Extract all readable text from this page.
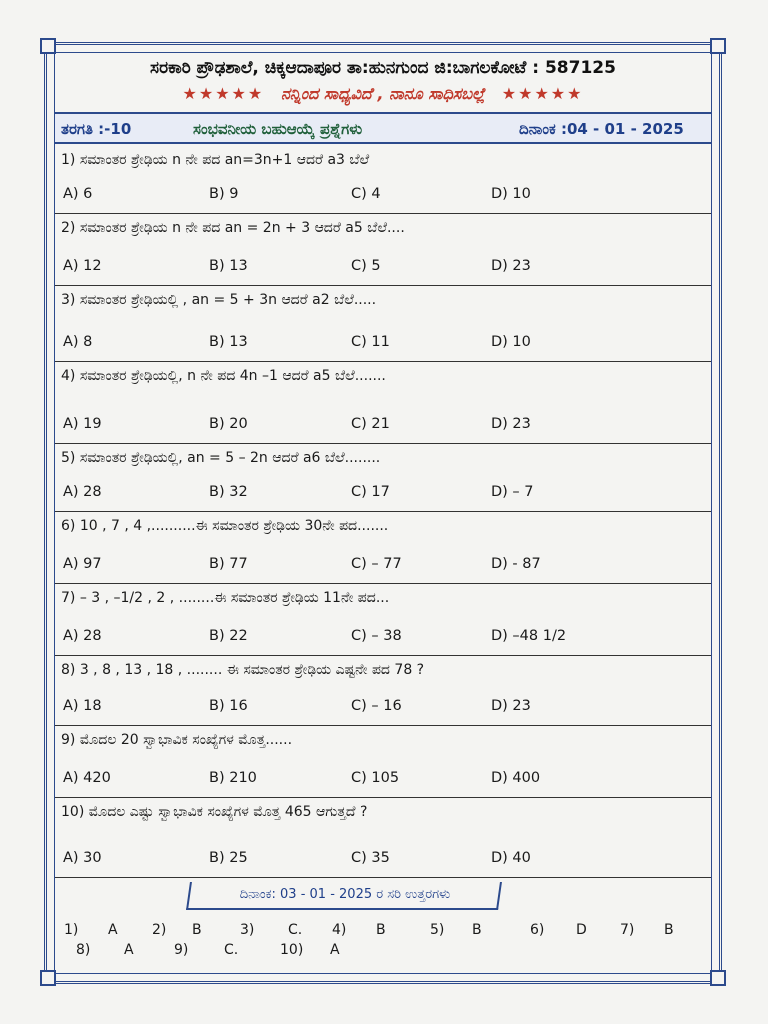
ಸರಕಾರಿ ಪ್ರೌಢಶಾಲೆ, ಚಿಕ್ಕಆದಾಪೂರ ತಾ:ಹುನಗುಂದ ಜಿ:ಬಾಗಲಕೋಟೆ : 587125
★★★★★ ನನ್ನಿಂದ ಸಾಧ್ಯವಿದೆ , ನಾನೂ ಸಾಧಿಸಬಲ್ಲೆ ★★★★★
ತರಗತಿ :-10	ಸಂಭವನೀಯ ಬಹುಆಯ್ಕೆ ಪ್ರಶ್ನೆಗಳು	ದಿನಾಂಕ :04 - 01 - 2025
1) ಸಮಾಂತರ ಶ್ರೇಢಿಯ n ನೇ ಪದ an=3n+1 ಆದರೆ a3 ಬೆಲೆ
A) 6	B) 9	C) 4	D) 10
2) ಸಮಾಂತರ ಶ್ರೇಢಿಯ n ನೇ ಪದ an = 2n + 3 ಆದರೆ a5 ಬೆಲೆ....
A) 12	B) 13	C) 5	D) 23
3) ಸಮಾಂತರ ಶ್ರೇಢಿಯಲ್ಲಿ , an = 5 + 3n ಆದರೆ a2 ಬೆಲೆ.....
A) 8	B) 13	C) 11	D) 10
4) ಸಮಾಂತರ ಶ್ರೇಢಿಯಲ್ಲಿ, n ನೇ ಪದ 4n –1 ಆದರೆ a5 ಬೆಲೆ.......
A) 19	B) 20	C) 21	D) 23
5) ಸಮಾಂತರ ಶ್ರೇಢಿಯಲ್ಲಿ, an = 5 – 2n ಆದರೆ a6 ಬೆಲೆ........
A) 28	B) 32	C) 17	D) – 7
6) 10 , 7 , 4 ,..........ಈ ಸಮಾಂತರ ಶ್ರೇಢಿಯ 30ನೇ ಪದ.......
A) 97	B) 77	C) – 77	D) - 87
7) – 3 , –1/2 , 2 , ........ಈ ಸಮಾಂತರ ಶ್ರೇಢಿಯ 11ನೇ ಪದ...
A) 28	B) 22	C) – 38	D) –48 1/2
8) 3 , 8 , 13 , 18 , ........ ಈ ಸಮಾಂತರ ಶ್ರೇಢಿಯ ಎಷ್ಟನೇ ಪದ 78 ?
A) 18	B) 16	C) – 16	D) 23
9) ಮೊದಲ 20 ಸ್ವಾಭಾವಿಕ ಸಂಖ್ಯೆಗಳ ಮೊತ್ತ......
A) 420	B) 210	C) 105	D) 400
10) ಮೊದಲ ಎಷ್ಟು ಸ್ವಾಭಾವಿಕ ಸಂಖ್ಯೆಗಳ ಮೊತ್ತ 465 ಆಗುತ್ತದೆ ?
A) 30	B) 25	C) 35	D) 40
ದಿನಾಂಕ: 03 - 01 - 2025 ರ ಸರಿ ಉತ್ತರಗಳು
1) A 2) B	3) C. 4) B	5) B	6) D 7) B
8) A	9)	C.	10) A
